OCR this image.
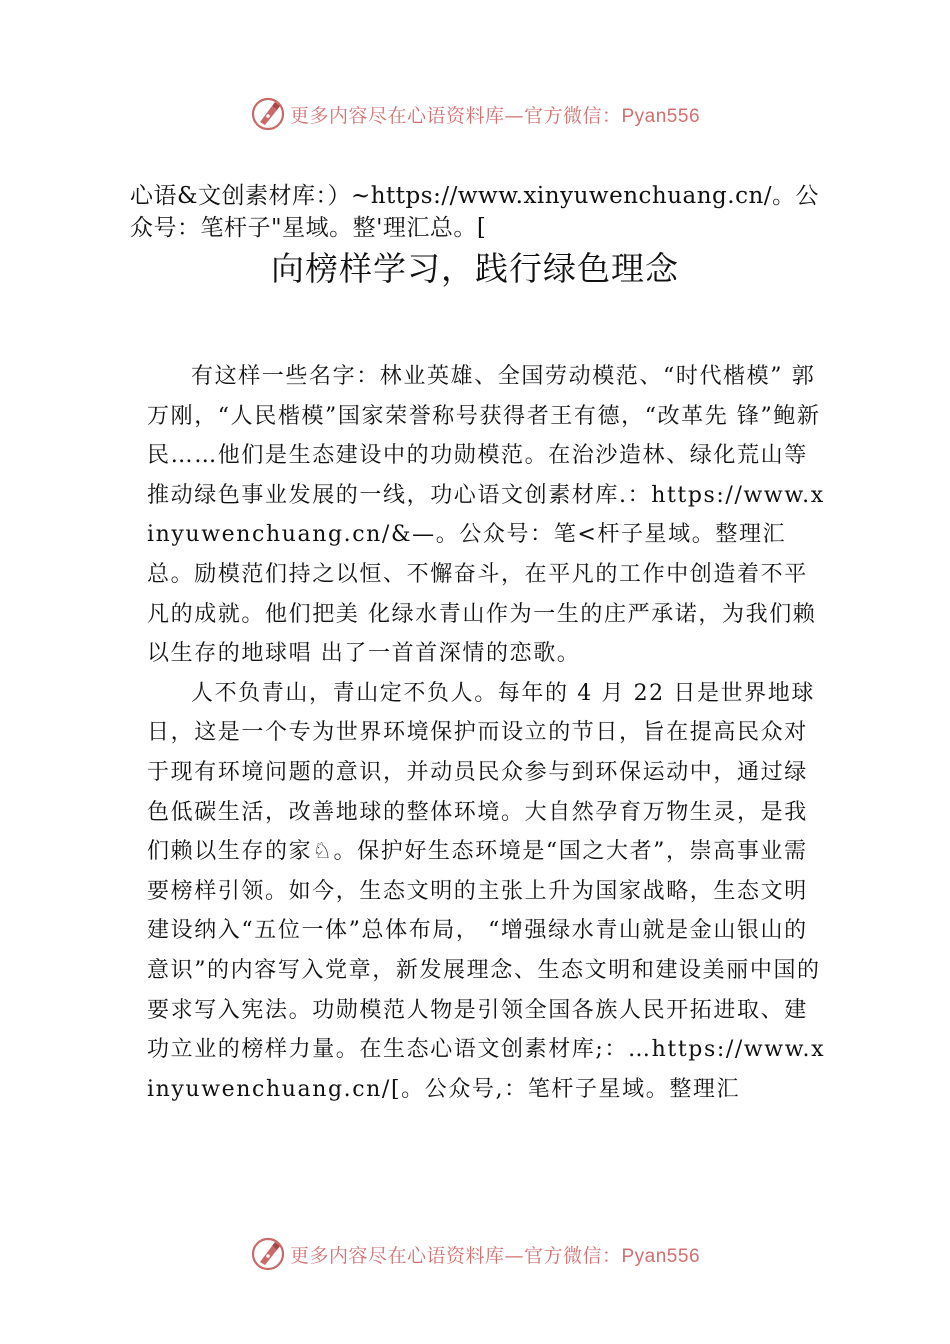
更多内容尽在心语资料库—官方微信：Pyan556
心语&文创素材库：）~https://www.xinyuwenchuang.cn/。公众号：笔杆子"星域。整'理汇总。[
向榜样学习，践行绿色理念

有这样一些名字：林业英雄、全国劳动模范、“时代楷模” 郭万刚，“人民楷模”国家荣誉称号获得者王有德，“改革先 锋”鲍新民……他们是生态建设中的功勋模范。在治沙造林、绿化荒山等推动绿色事业发展的一线，功心语文创素材库.：https://www.xinyuwenchuang.cn/&—。公众号：笔<杆子星域。整理汇总。励模范们持之以恒、不懈奋斗，在平凡的工作中创造着不平凡的成就。他们把美 化绿水青山作为一生的庄严承诺，为我们赖以生存的地球唱 出了一首首深情的恋歌。

人不负青山，青山定不负人。每年的 4 月 22 日是世界地球日，这是一个专为世界环境保护而设立的节日，旨在提高民众对于现有环境问题的意识，并动员民众参与到环保运动中，通过绿色低碳生活，改善地球的整体环境。大自然孕育万物生灵，是我们赖以生存的家♘。保护好生态环境是“国之大者”，崇高事业需要榜样引领。如今，生态文明的主张上升为国家战略，生态文明建设纳入“五位一体”总体布局， “增强绿水青山就是金山银山的意识”的内容写入党章，新发展理念、生态文明和建设美丽中国的要求写入宪法。功勋模范人物是引领全国各族人民开拓进取、建功立业的榜样力量。在生态心语文创素材库;：…https://www.xinyuwenchuang.cn/[。公众号,：笔杆子星域。整理汇

更多内容尽在心语资料库—官方微信：Pyan556
